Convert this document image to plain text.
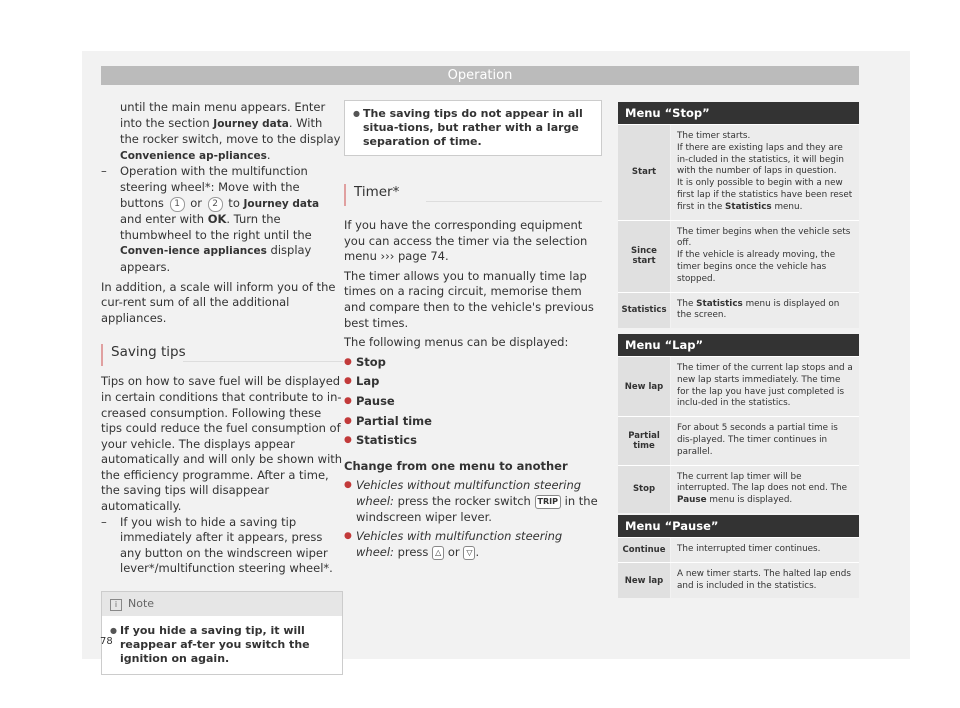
Operation

until the main menu appears. Enter into the section Journey data. With the rocker switch, move to the display Convenience ap-pliances.

– Operation with the multifunction steering wheel*: Move with the buttons 1 or 2 to Journey data and enter with OK. Turn the thumbwheel to the right until the Conven-ience appliances display appears.

In addition, a scale will inform you of the cur-rent sum of all the additional appliances.

Saving tips

Tips on how to save fuel will be displayed in certain conditions that contribute to in-creased consumption. Following these tips could reduce the fuel consumption of your vehicle. The displays appear automatically and will only be shown with the efficiency programme. After a time, the saving tips will disappear automatically.

– If you wish to hide a saving tip immediately after it appears, press any button on the windscreen wiper lever*/multifunction steering wheel*.

i Note
● If you hide a saving tip, it will reappear af-ter you switch the ignition on again.
● The saving tips do not appear in all situa-tions, but rather with a large separation of time.
Timer*

If you have the corresponding equipment you can access the timer via the selection menu ››› page 74.

The timer allows you to manually time lap times on a racing circuit, memorise them and compare then to the vehicle's previous best times.

The following menus can be displayed:

● Stop
● Lap
● Pause
● Partial time
● Statistics

Change from one menu to another

● Vehicles without multifunction steering wheel: press the rocker switch TRIP in the windscreen wiper lever.
● Vehicles with multifunction steering wheel: press △ or ▽ .
Menu “Stop”
Start
The timer starts.
If there are existing laps and they are in-cluded in the statistics, it will begin with the number of laps in question.
It is only possible to begin with a new first lap if the statistics have been reset first in the Statistics menu.
Since start
The timer begins when the vehicle sets off.
If the vehicle is already moving, the timer begins once the vehicle has stopped.
Statistics
The Statistics menu is displayed on the screen.
Menu “Lap”
New lap
The timer of the current lap stops and a new lap starts immediately. The time for the lap you have just completed is inclu-ded in the statistics.
Partial time
For about 5 seconds a partial time is dis-played. The timer continues in parallel.
Stop
The current lap timer will be interrupted. The lap does not end. The Pause menu is displayed.
Menu “Pause”
Continue	The interrupted timer continues.
New lap
A new timer starts. The halted lap ends and is included in the statistics.
78
